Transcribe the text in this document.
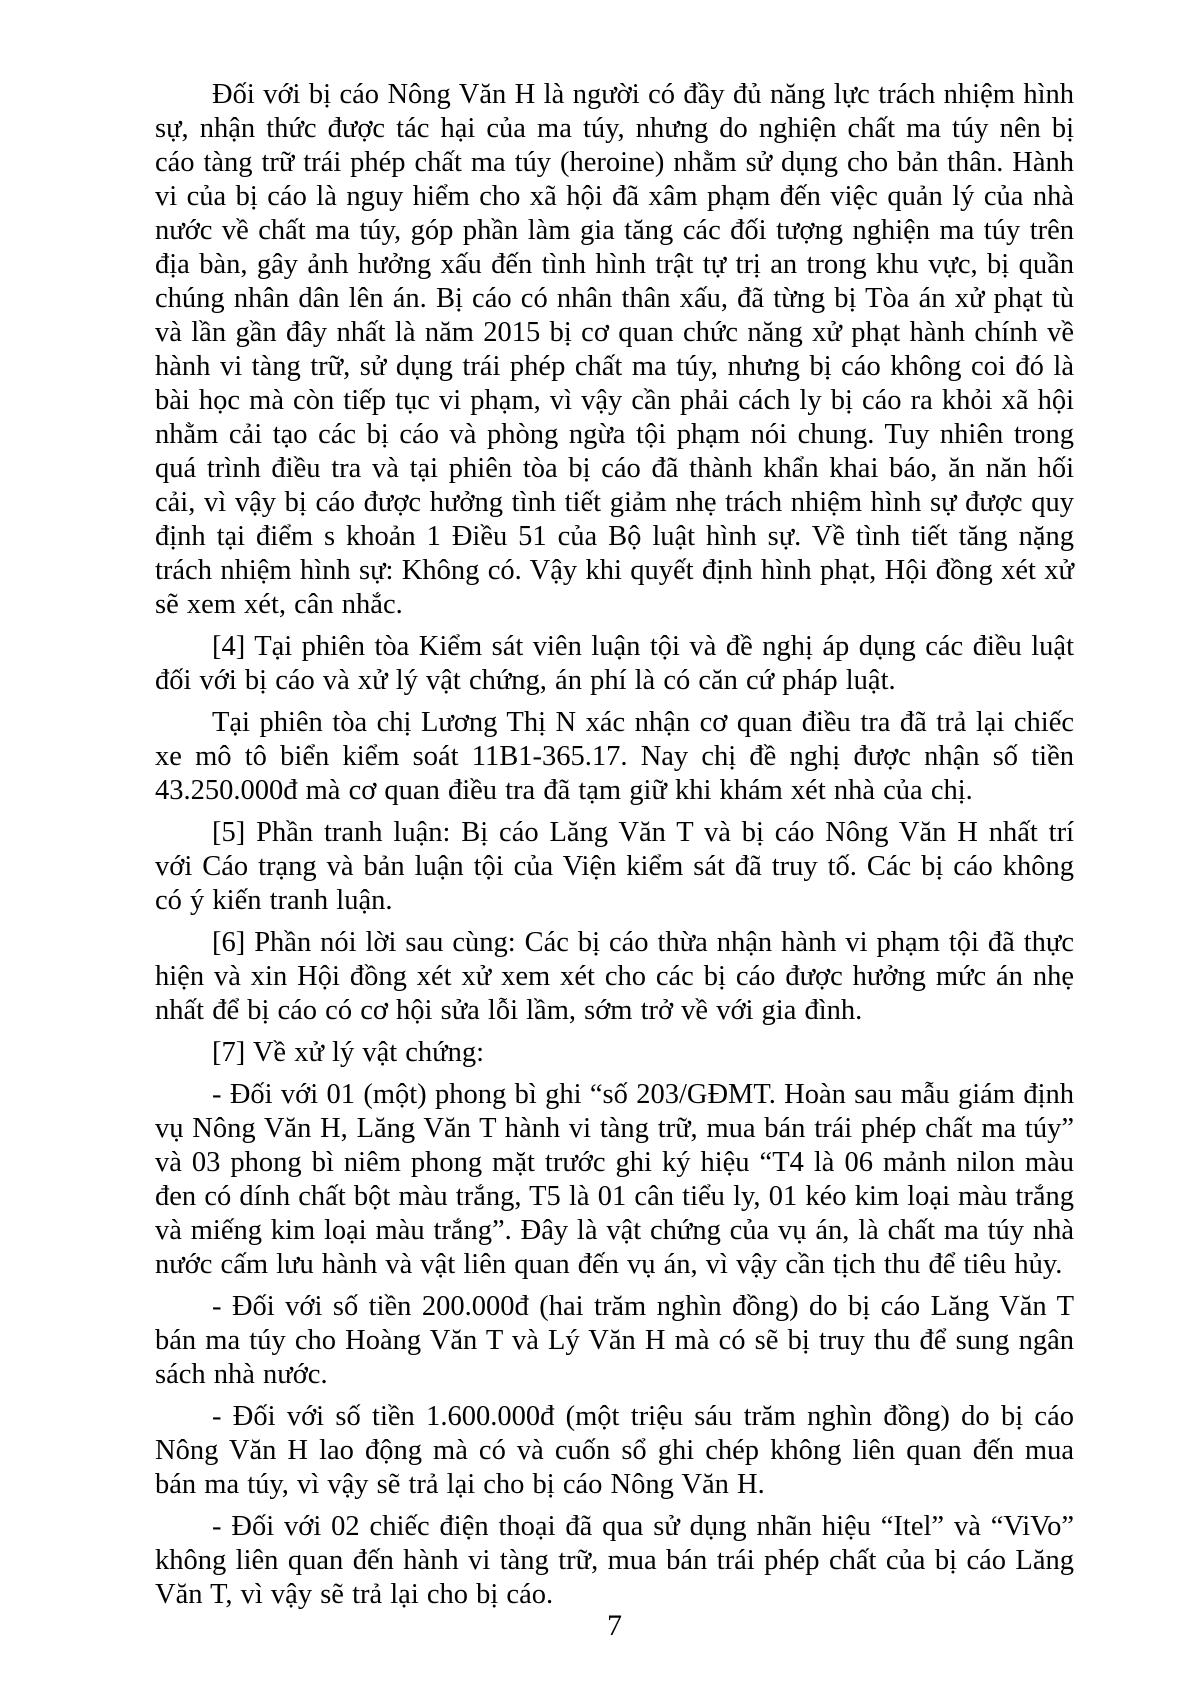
Đối với bị cáo Nông Văn H là người có đầy đủ năng lực trách nhiệm hình sự, nhận thức được tác hại của ma túy, nhưng do nghiện chất ma túy nên bị cáo tàng trữ trái phép chất ma túy (heroine) nhằm sử dụng cho bản thân. Hành vi của bị cáo là nguy hiểm cho xã hội đã xâm phạm đến việc quản lý của nhà nước về chất ma túy, góp phần làm gia tăng các đối tượng nghiện ma túy trên địa bàn, gây ảnh hưởng xấu đến tình hình trật tự trị an trong khu vực, bị quần chúng nhân dân lên án. Bị cáo có nhân thân xấu, đã từng bị Tòa án xử phạt tù và lần gần đây nhất là năm 2015 bị cơ quan chức năng xử phạt hành chính về hành vi tàng trữ, sử dụng trái phép chất ma túy, nhưng bị cáo không coi đó là bài học mà còn tiếp tục vi phạm, vì vậy cần phải cách ly bị cáo ra khỏi xã hội nhằm cải tạo các bị cáo và phòng ngừa tội phạm nói chung. Tuy nhiên trong quá trình điều tra và tại phiên tòa bị cáo đã thành khẩn khai báo, ăn năn hối cải, vì vậy bị cáo được hưởng tình tiết giảm nhẹ trách nhiệm hình sự được quy định tại điểm s khoản 1 Điều 51 của Bộ luật hình sự. Về tình tiết tăng nặng trách nhiệm hình sự: Không có. Vậy khi quyết định hình phạt, Hội đồng xét xử sẽ xem xét, cân nhắc.

[4] Tại phiên tòa Kiểm sát viên luận tội và đề nghị áp dụng các điều luật đối với bị cáo và xử lý vật chứng, án phí là có căn cứ pháp luật.

Tại phiên tòa chị Lương Thị N xác nhận cơ quan điều tra đã trả lại chiếc xe mô tô biển kiểm soát 11B1-365.17. Nay chị đề nghị được nhận số tiền 43.250.000đ mà cơ quan điều tra đã tạm giữ khi khám xét nhà của chị.

[5] Phần tranh luận: Bị cáo Lăng Văn T và bị cáo Nông Văn H nhất trí với Cáo trạng và bản luận tội của Viện kiểm sát đã truy tố. Các bị cáo không có ý kiến tranh luận.

[6] Phần nói lời sau cùng: Các bị cáo thừa nhận hành vi phạm tội đã thực hiện và xin Hội đồng xét xử xem xét cho các bị cáo được hưởng mức án nhẹ nhất để bị cáo có cơ hội sửa lỗi lầm, sớm trở về với gia đình.

[7] Về xử lý vật chứng:

- Đối với 01 (một) phong bì ghi “số 203/GĐMT. Hoàn sau mẫu giám định vụ Nông Văn H, Lăng Văn T hành vi tàng trữ, mua bán trái phép chất ma túy” và 03 phong bì niêm phong mặt trước ghi ký hiệu “T4 là 06 mảnh nilon màu đen có dính chất bột màu trắng, T5 là 01 cân tiểu ly, 01 kéo kim loại màu trắng và miếng kim loại màu trắng”. Đây là vật chứng của vụ án, là chất ma túy nhà nước cấm lưu hành và vật liên quan đến vụ án, vì vậy cần tịch thu để tiêu hủy.

- Đối với số tiền 200.000đ (hai trăm nghìn đồng) do bị cáo Lăng Văn T bán ma túy cho Hoàng Văn T và Lý Văn H mà có sẽ bị truy thu để sung ngân sách nhà nước.

- Đối với số tiền 1.600.000đ (một triệu sáu trăm nghìn đồng) do bị cáo Nông Văn H lao động mà có và cuốn sổ ghi chép không liên quan đến mua bán ma túy, vì vậy sẽ trả lại cho bị cáo Nông Văn H.

- Đối với 02 chiếc điện thoại đã qua sử dụng nhãn hiệu “Itel” và “ViVo” không liên quan đến hành vi tàng trữ, mua bán trái phép chất của bị cáo Lăng Văn T, vì vậy sẽ trả lại cho bị cáo.

7
